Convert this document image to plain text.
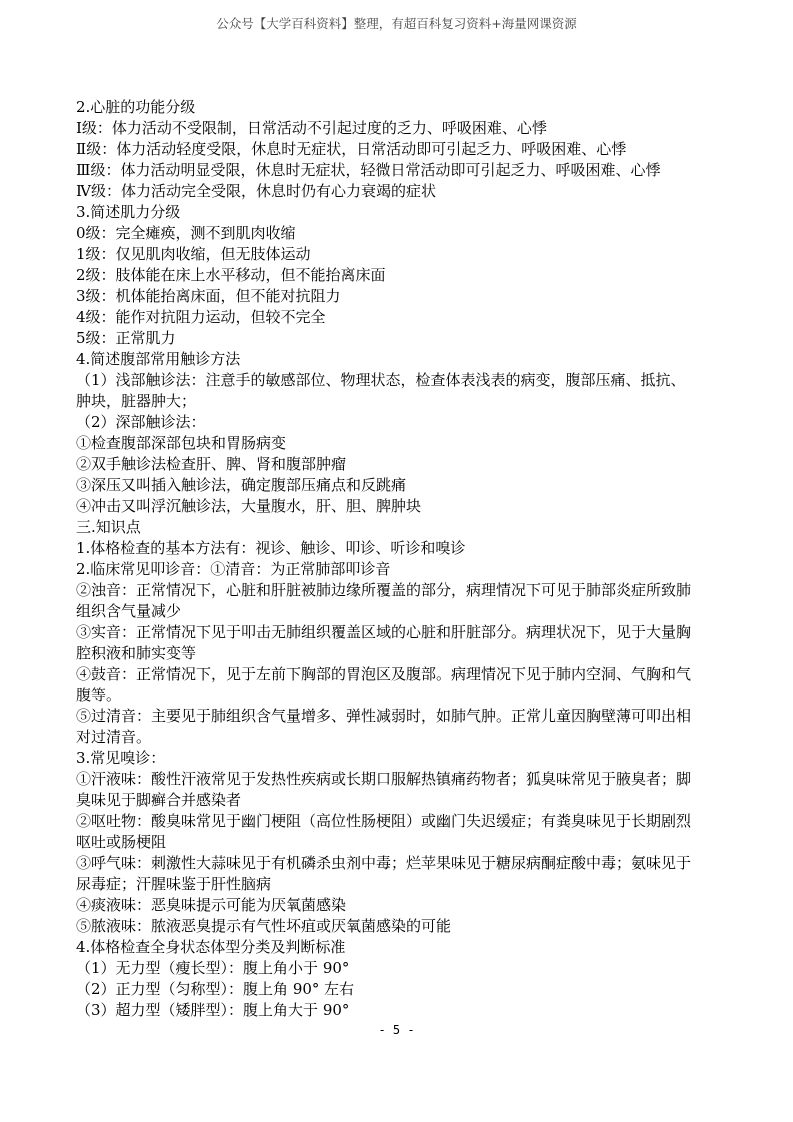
公众号【大学百科资料】整理，有超百科复习资料+海量网课资源

2.心脏的功能分级

Ⅰ级：体力活动不受限制，日常活动不引起过度的乏力、呼吸困难、心悸

Ⅱ级：体力活动轻度受限，休息时无症状，日常活动即可引起乏力、呼吸困难、心悸

Ⅲ级：体力活动明显受限，休息时无症状，轻微日常活动即可引起乏力、呼吸困难、心悸

Ⅳ级：体力活动完全受限，休息时仍有心力衰竭的症状

3.简述肌力分级

0级：完全瘫痪，测不到肌肉收缩

1级：仅见肌肉收缩，但无肢体运动

2级：肢体能在床上水平移动，但不能抬离床面

3级：机体能抬离床面，但不能对抗阻力

4级：能作对抗阻力运动，但较不完全

5级：正常肌力

4.简述腹部常用触诊方法

（1）浅部触诊法：注意手的敏感部位、物理状态，检查体表浅表的病变，腹部压痛、抵抗、

肿块，脏器肿大；

（2）深部触诊法：

①检查腹部深部包块和胃肠病变

②双手触诊法检查肝、脾、肾和腹部肿瘤

③深压又叫插入触诊法，确定腹部压痛点和反跳痛

④冲击又叫浮沉触诊法，大量腹水，肝、胆、脾肿块

三.知识点

1.体格检查的基本方法有：视诊、触诊、叩诊、听诊和嗅诊

2.临床常见叩诊音：①清音：为正常肺部叩诊音

②浊音：正常情况下，心脏和肝脏被肺边缘所覆盖的部分，病理情况下可见于肺部炎症所致肺

组织含气量减少

③实音：正常情况下见于叩击无肺组织覆盖区域的心脏和肝脏部分。病理状况下，见于大量胸

腔积液和肺实变等

④鼓音：正常情况下，见于左前下胸部的胃泡区及腹部。病理情况下见于肺内空洞、气胸和气

腹等。

⑤过清音：主要见于肺组织含气量增多、弹性减弱时，如肺气肿。正常儿童因胸壁薄可叩出相

对过清音。

3.常见嗅诊：

①汗液味：酸性汗液常见于发热性疾病或长期口服解热镇痛药物者；狐臭味常见于腋臭者；脚

臭味见于脚癣合并感染者

②呕吐物：酸臭味常见于幽门梗阻（高位性肠梗阻）或幽门失迟缓症；有粪臭味见于长期剧烈

呕吐或肠梗阻

③呼气味：刺激性大蒜味见于有机磷杀虫剂中毒；烂苹果味见于糖尿病酮症酸中毒；氨味见于

尿毒症；汗腥味鉴于肝性脑病

④痰液味：恶臭味提示可能为厌氧菌感染

⑤脓液味：脓液恶臭提示有气性坏疽或厌氧菌感染的可能

4.体格检查全身状态体型分类及判断标准

（1）无力型（瘦长型）：腹上角小于 90°

（2）正力型（匀称型）：腹上角 90° 左右

（3）超力型（矮胖型）：腹上角大于 90°

- 5 -
